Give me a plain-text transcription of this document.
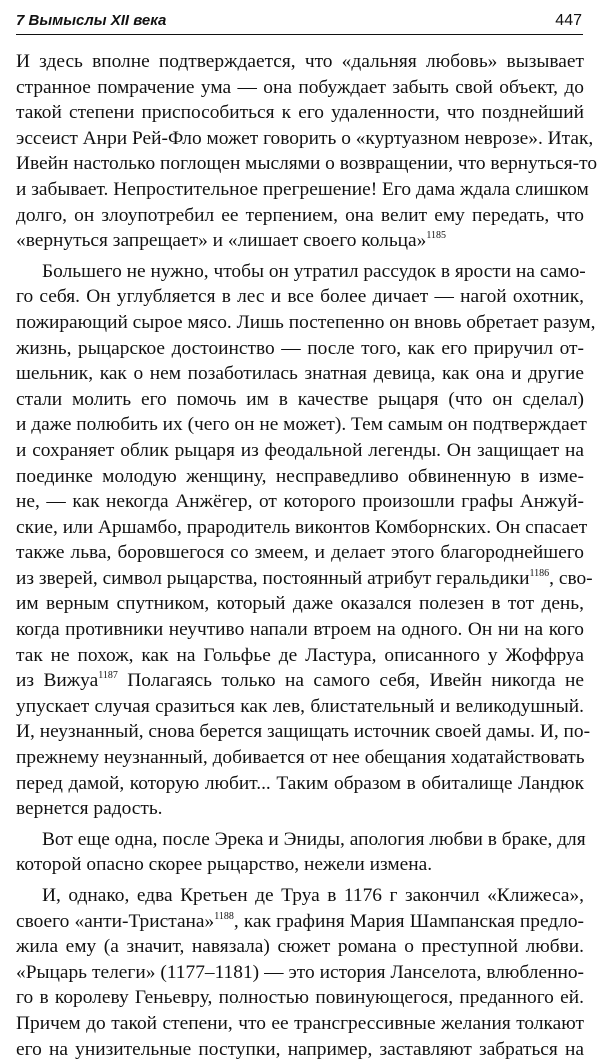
7 Вымыслы XII века	447
И здесь вполне подтверждается, что «дальняя любовь» вызывает
странное помрачение ума — она побуждает забыть свой объект, до
такой степени приспособиться к его удаленности, что позднейший
эссеист Анри Рей-Фло может говорить о «куртуазном неврозе». Итак,
Ивейн настолько поглощен мыслями о возвращении, что вернуться-то
и забывает. Непростительное прегрешение! Его дама ждала слишком
долго, он злоупотребил ее терпением, она велит ему передать, что
«вернуться запрещает» и «лишает своего кольца»$^{1185}$
Большего не нужно, чтобы он утратил рассудок в ярости на само-
го себя. Он углубляется в лес и все более дичает — нагой охотник,
пожирающий сырое мясо. Лишь постепенно он вновь обретает разум,
жизнь, рыцарское достоинство — после того, как его приручил от-
шельник, как о нем позаботилась знатная девица, как она и другие
стали молить его помочь им в качестве рыцаря (что он сделал)
и даже полюбить их (чего он не может). Тем самым он подтверждает
и сохраняет облик рыцаря из феодальной легенды. Он защищает на
поединке молодую женщину, несправедливо обвиненную в изме-
не, — как некогда Анжёгер, от которого произошли графы Анжуй-
ские, или Аршамбо, прародитель виконтов Комборнских. Он спасает
также льва, боровшегося со змеем, и делает этого благороднейшего
из зверей, символ рыцарства, постоянный атрибут геральдики$^{1186}$, сво-
им верным спутником, который даже оказался полезен в тот день,
когда противники неучтиво напали втроем на одного. Он ни на кого
так не похож, как на Гольфье де Ластура, описанного у Жоффруа
из Вижуа$^{1187}$ Полагаясь только на самого себя, Ивейн никогда не
упускает случая сразиться как лев, блистательный и великодушный.
И, неузнанный, снова берется защищать источник своей дамы. И, по-
прежнему неузнанный, добивается от нее обещания ходатайствовать
перед дамой, которую любит... Таким образом в обиталище Ландюк
вернется радость.
Вот еще одна, после Эрека и Эниды, апология любви в браке, для
которой опасно скорее рыцарство, нежели измена.
И, однако, едва Кретьен де Труа в 1176 г закончил «Клижеса»,
своего «анти-Тристана»$^{1188}$, как графиня Мария Шампанская предло-
жила ему (а значит, навязала) сюжет романа о преступной любви.
«Рыцарь телеги» (1177–1181) — это история Ланселота, влюбленно-
го в королеву Геньевру, полностью повинующегося, преданного ей.
Причем до такой степени, что ее трансгрессивные желания толкают
его на унизительные поступки, например, заставляют забраться на
